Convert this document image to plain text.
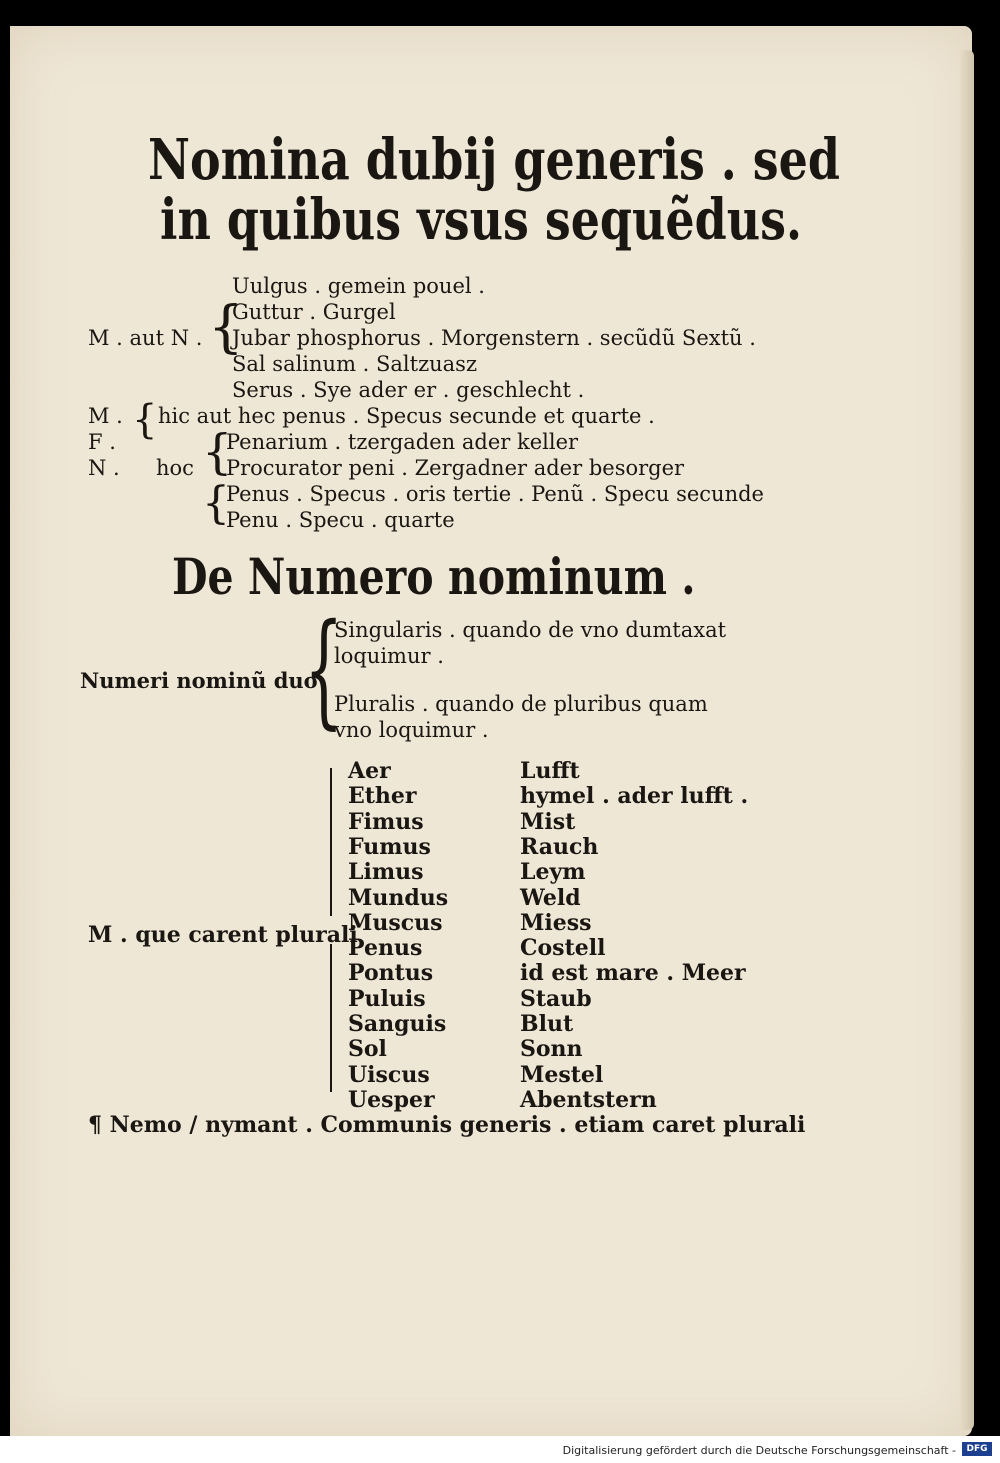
Nomina dubij generis . sed
in quibus vsus sequẽdus.
Uulgus . gemein pouel .
Guttur . Gurgel
M . aut N . {
Jubar phosphorus . Morgenstern . secũdũ Sextũ .
Sal salinum . Saltzuasz
Serus . Sye ader er . geschlecht .
M . { hic aut hec penus . Specus secunde et quarte .
F .
N . hoc {
Penarium . tzergaden ader keller
Procurator peni . Zergadner ader besorger
{
Penus . Specus . oris tertie . Penũ . Specu secunde
Penu . Specu . quarte
De Numero nominum .
Singularis . quando de vno dumtaxat
loquimur .
Numeri nominũ duo
{
Pluralis . quando de pluribus quam
vno loquimur .
M . que carent plurali
Aer	Lufft
Ether	hymel . ader lufft .
Fimus	Mist
Fumus	Rauch
Limus	Leym
Mundus	Weld
Muscus	Miess
Penus	Costell
Pontus	id est mare . Meer
Puluis	Staub
Sanguis	Blut
Sol	Sonn
Uiscus	Mestel
Uesper	Abentstern
¶ Nemo / nymant . Communis generis . etiam caret plurali
Digitalisierung gefördert durch die Deutsche Forschungsgemeinschaft -	DFG
